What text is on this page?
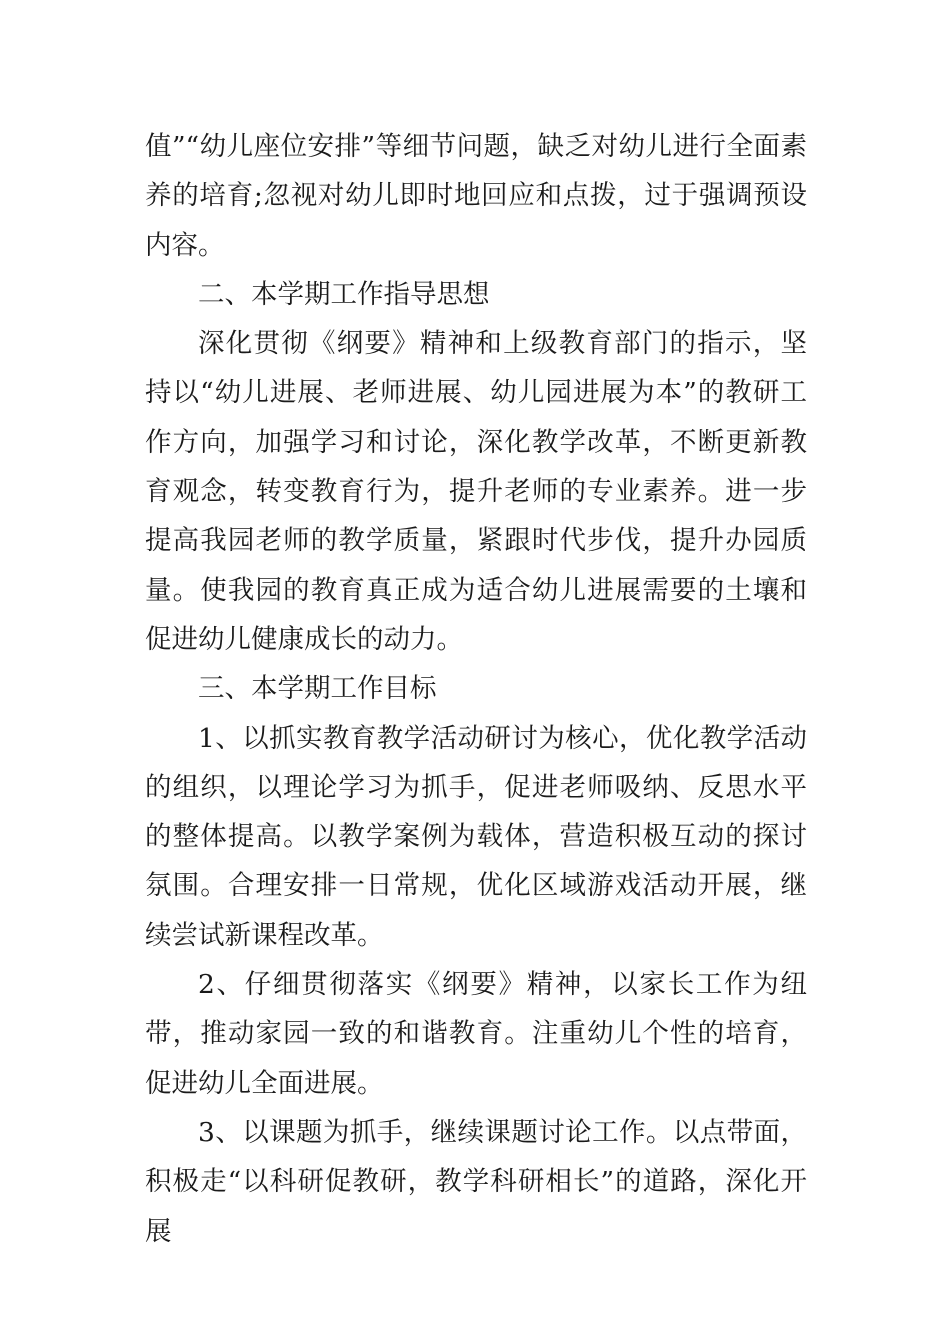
值”“幼儿座位安排”等细节问题，缺乏对幼儿进行全面素养的培育;忽视对幼儿即时地回应和点拨，过于强调预设内容。

二、本学期工作指导思想

深化贯彻《纲要》精神和上级教育部门的指示，坚持以“幼儿进展、老师进展、幼儿园进展为本”的教研工作方向，加强学习和讨论，深化教学改革，不断更新教育观念，转变教育行为，提升老师的专业素养。进一步提高我园老师的教学质量，紧跟时代步伐，提升办园质量。使我园的教育真正成为适合幼儿进展需要的土壤和促进幼儿健康成长的动力。

三、本学期工作目标

1、以抓实教育教学活动研讨为核心，优化教学活动的组织，以理论学习为抓手，促进老师吸纳、反思水平的整体提高。以教学案例为载体，营造积极互动的探讨氛围。合理安排一日常规，优化区域游戏活动开展，继续尝试新课程改革。

2、仔细贯彻落实《纲要》精神，以家长工作为纽带，推动家园一致的和谐教育。注重幼儿个性的培育，促进幼儿全面进展。

3、以课题为抓手，继续课题讨论工作。以点带面，积极走“以科研促教研，教学科研相长”的道路，深化开展
